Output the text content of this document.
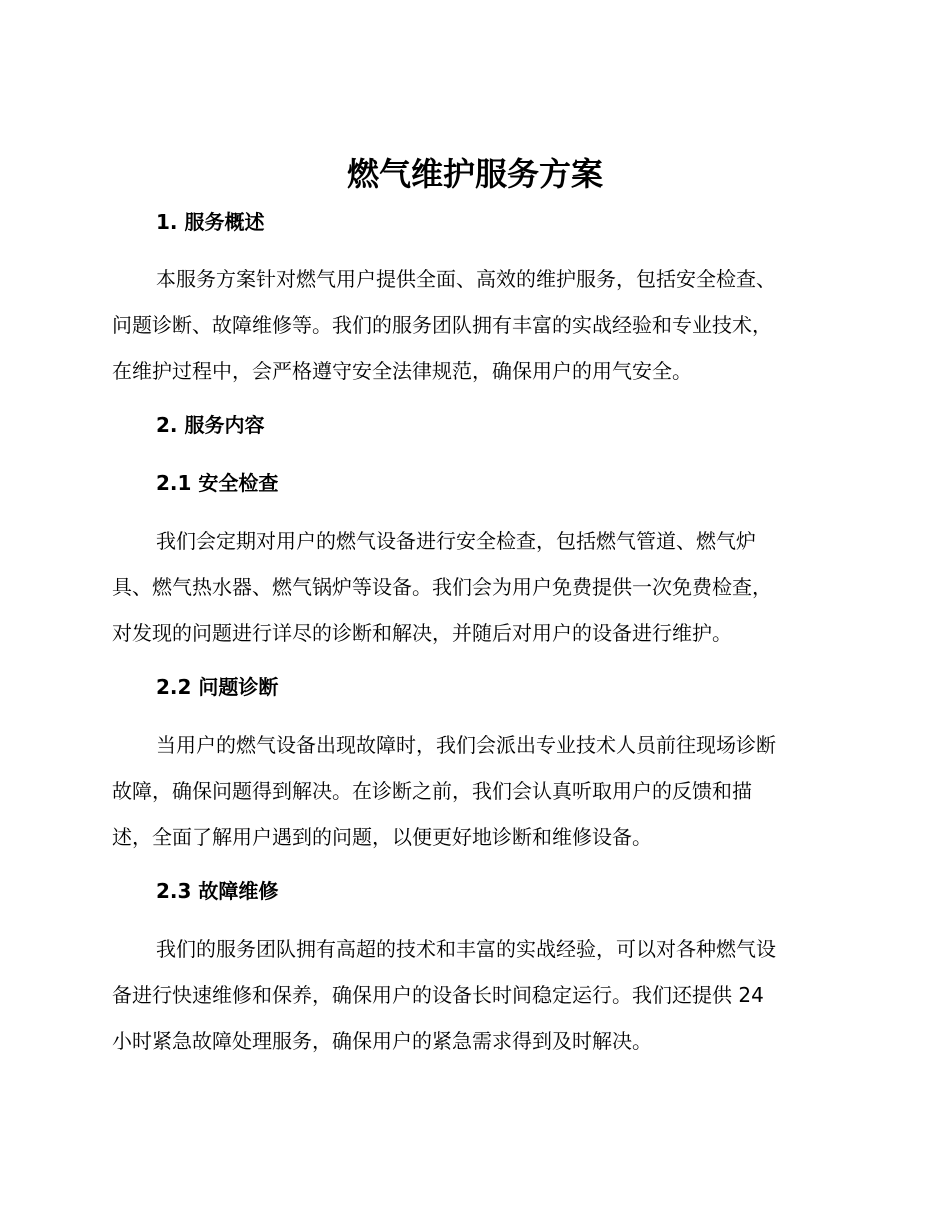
燃气维护服务方案
1. 服务概述

本服务方案针对燃气用户提供全面、高效的维护服务，包括安全检查、
问题诊断、故障维修等。我们的服务团队拥有丰富的实战经验和专业技术，
在维护过程中，会严格遵守安全法律规范，确保用户的用气安全。

2. 服务内容
2.1 安全检查

我们会定期对用户的燃气设备进行安全检查，包括燃气管道、燃气炉
具、燃气热水器、燃气锅炉等设备。我们会为用户免费提供一次免费检查，
对发现的问题进行详尽的诊断和解决，并随后对用户的设备进行维护。

2.2 问题诊断

当用户的燃气设备出现故障时，我们会派出专业技术人员前往现场诊断
故障，确保问题得到解决。在诊断之前，我们会认真听取用户的反馈和描
述，全面了解用户遇到的问题，以便更好地诊断和维修设备。

2.3 故障维修

我们的服务团队拥有高超的技术和丰富的实战经验，可以对各种燃气设
备进行快速维修和保养，确保用户的设备长时间稳定运行。我们还提供 24
小时紧急故障处理服务，确保用户的紧急需求得到及时解决。
